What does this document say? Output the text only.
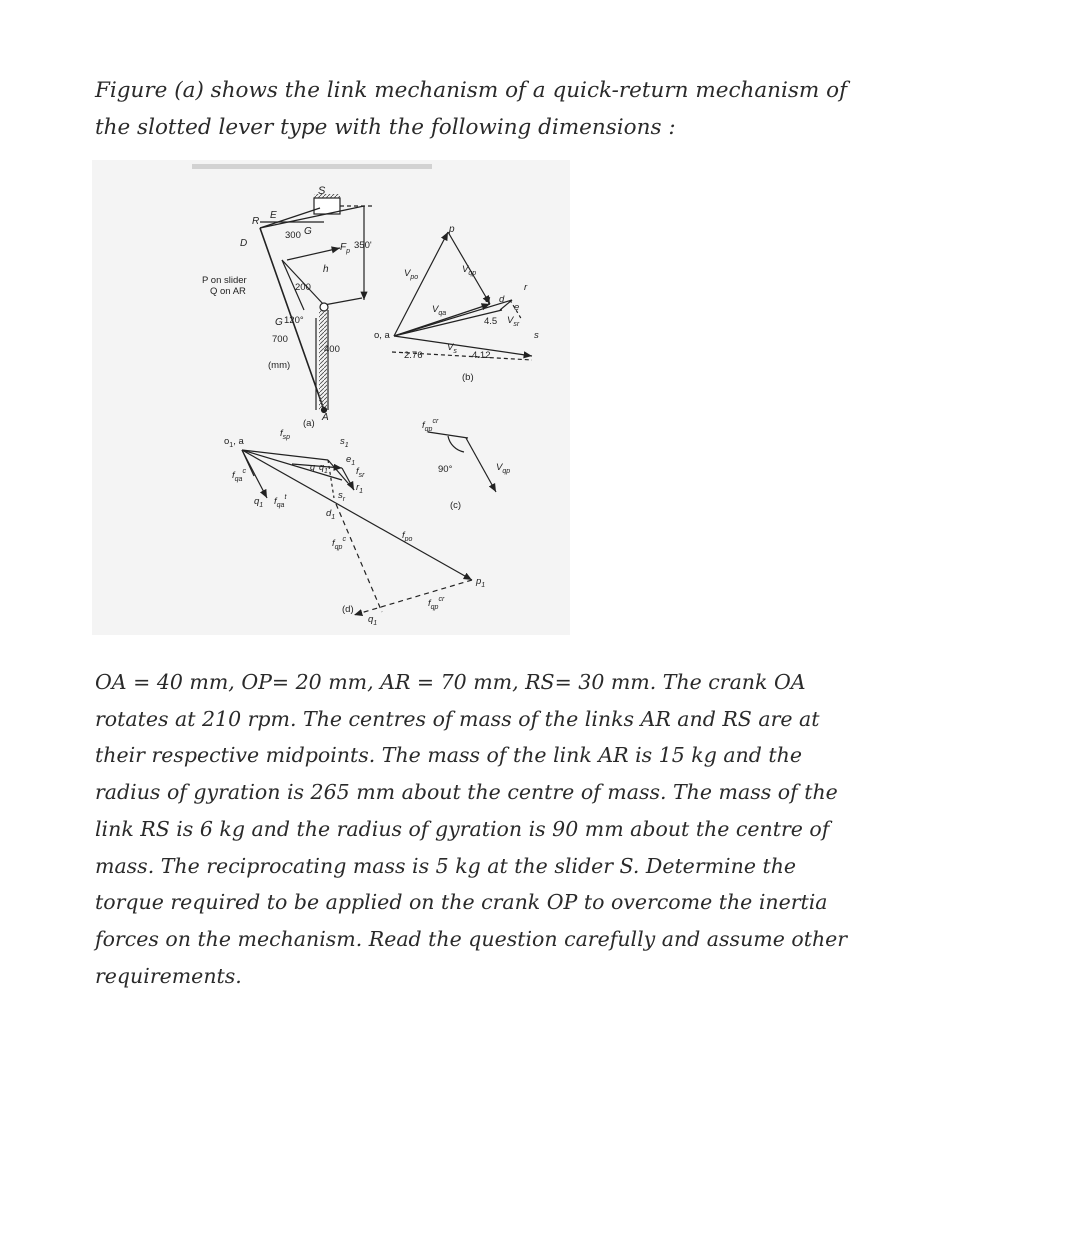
Figure (a) shows the link mechanism of a quick-return mechanism of
the slotted lever type with the following dimensions :
S
R
E
D
300 G
$F_p$
350'
h
200
P on slider
Q on AR
G 120°
700
400
(mm)
A
(a)
p
o, a
$V_{po}$
$V_{qp}$
$V_{qa}$
q d
r
e
4.5 $V_{sr}$
s
$V_s$
2.76	4.12
(b)
$f_{qp}^{cr}$
90°	$V_{qp}$
(c)
$o_1$, a
$f_{sp}$	$s_1$
$f_{qa}^c$	q $q_1$
$e_1$
$f_{sr}$
$r_1$
$s_r$
$q_1$ $f_{qa}^t$
$d_1$
$f_{qp}^c$	$f_{po}$
$p_1$
(d)
$q_1$
$f_{qp}^{cr}$
OA = 40 mm, OP= 20 mm, AR = 70 mm, RS= 30 mm. The crank OA
rotates at 210 rpm. The centres of mass of the links AR and RS are at
their respective midpoints. The mass of the link AR is 15 kg and the
radius of gyration is 265 mm about the centre of mass. The mass of the
link RS is 6 kg and the radius of gyration is 90 mm about the centre of
mass. The reciprocating mass is 5 kg at the slider S. Determine the
torque required to be applied on the crank OP to overcome the inertia
forces on the mechanism. Read the question carefully and assume other
requirements.
